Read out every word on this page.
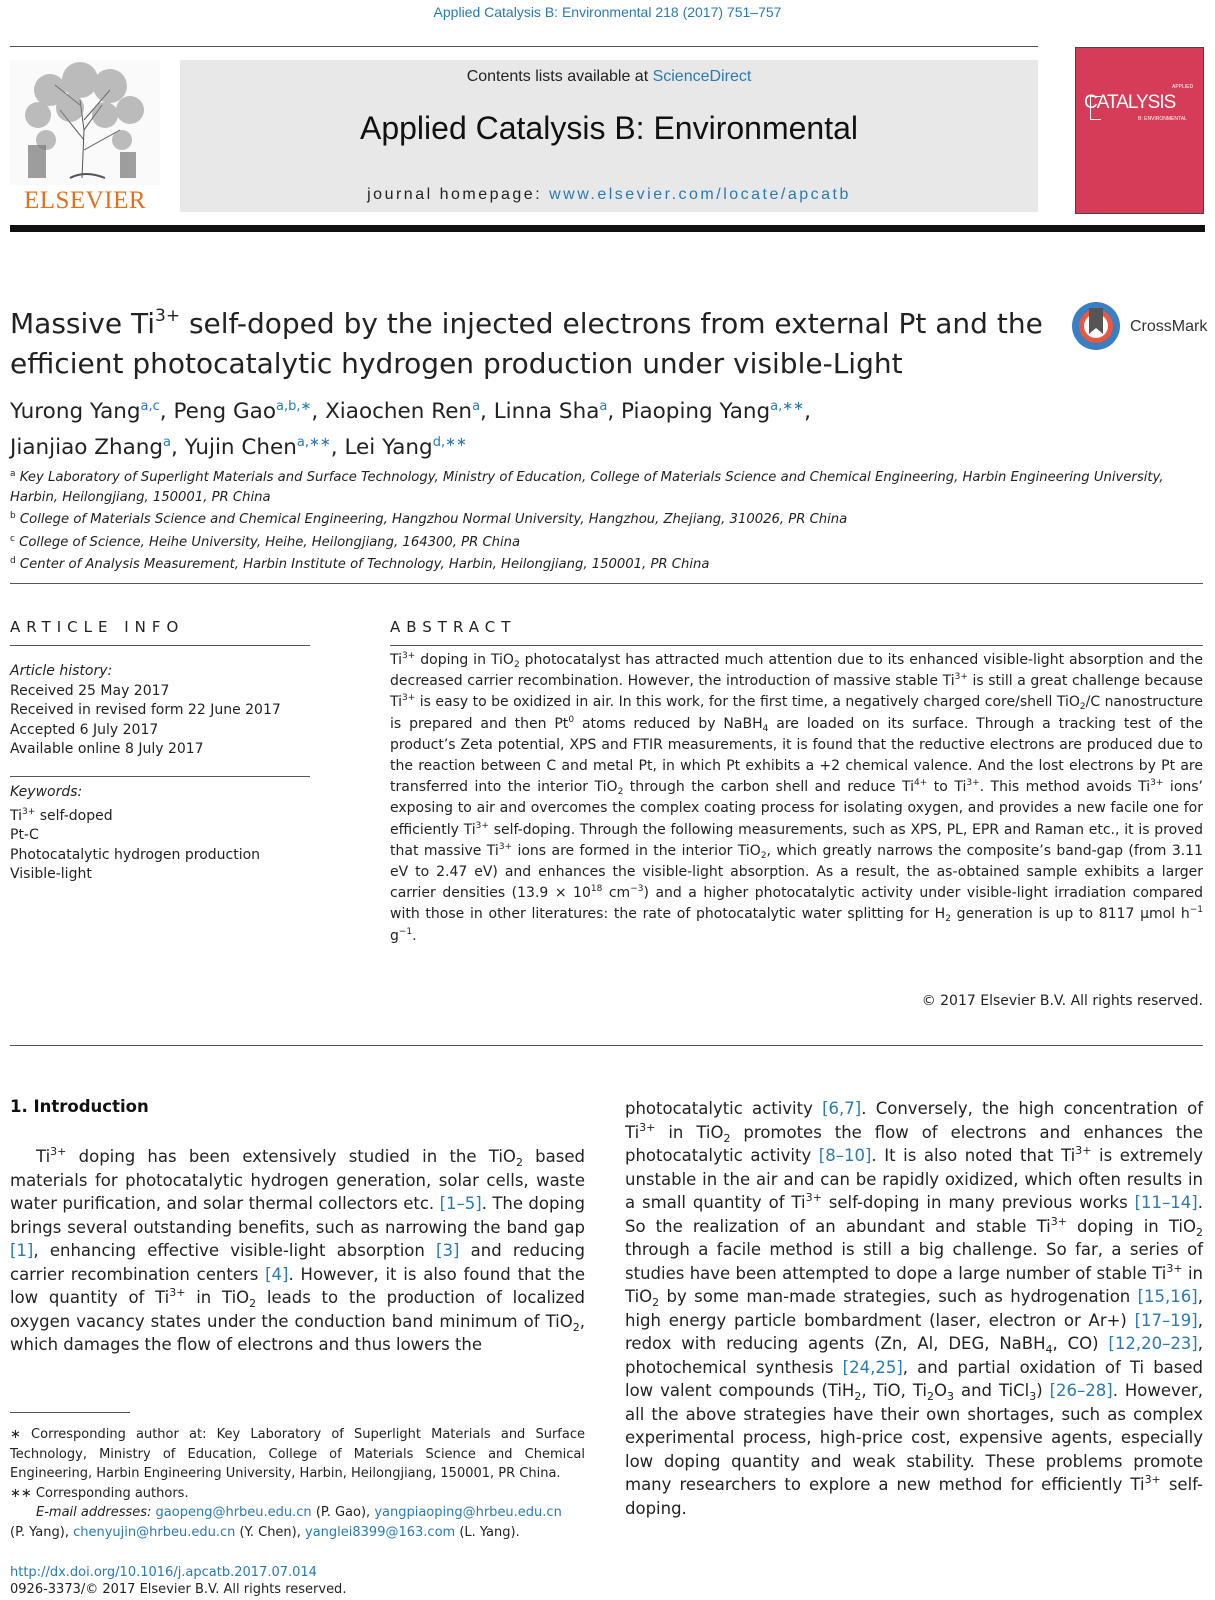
Applied Catalysis B: Environmental 218 (2017) 751–757
ELSEVIER
Contents lists available at ScienceDirect
Applied Catalysis B: Environmental
journal homepage: www.elsevier.com/locate/apcatb
APPLIED
CATALYSIS
B: ENVIRONMENTAL
Massive $Ti^{3+}$ self-doped by the injected electrons from external Pt and the efficient photocatalytic hydrogen production under visible-Light
CrossMark
Yurong Yang$^{a,c}$, Peng Gao$^{a,b,∗}$, Xiaochen Ren$^a$, Linna Sha$^a$, Piaoping Yang$^{a,∗∗}$,
Jianjiao Zhang$^a$, Yujin Chen$^{a,∗∗}$, Lei Yang$^{d,∗∗}$
$^a$ Key Laboratory of Superlight Materials and Surface Technology, Ministry of Education, College of Materials Science and Chemical Engineering, Harbin Engineering University, Harbin, Heilongjiang, 150001, PR China
$^b$ College of Materials Science and Chemical Engineering, Hangzhou Normal University, Hangzhou, Zhejiang, 310026, PR China
$^c$ College of Science, Heihe University, Heihe, Heilongjiang, 164300, PR China
$^d$ Center of Analysis Measurement, Harbin Institute of Technology, Harbin, Heilongjiang, 150001, PR China
ARTICLE INFO
Article history:
Received 25 May 2017
Received in revised form 22 June 2017
Accepted 6 July 2017
Available online 8 July 2017
Keywords:
$Ti^{3+}$ self-doped
Pt-C
Photocatalytic hydrogen production
Visible-light
ABSTRACT
$Ti^{3+}$ doping in TiO$_2$ photocatalyst has attracted much attention due to its enhanced visible-light absorption and the decreased carrier recombination. However, the introduction of massive stable $Ti^{3+}$ is still a great challenge because $Ti^{3+}$ is easy to be oxidized in air. In this work, for the first time, a negatively charged core/shell TiO$_2$/C nanostructure is prepared and then Pt$^0$ atoms reduced by NaBH$_4$ are loaded on its surface. Through a tracking test of the product’s Zeta potential, XPS and FTIR measurements, it is found that the reductive electrons are produced due to the reaction between C and metal Pt, in which Pt exhibits a +2 chemical valence. And the lost electrons by Pt are transferred into the interior TiO$_2$ through the carbon shell and reduce $Ti^{4+}$ to $Ti^{3+}$. This method avoids $Ti^{3+}$ ions’ exposing to air and overcomes the complex coating process for isolating oxygen, and provides a new facile one for efficiently $Ti^{3+}$ self-doping. Through the following measurements, such as XPS, PL, EPR and Raman etc., it is proved that massive $Ti^{3+}$ ions are formed in the interior TiO$_2$, which greatly narrows the composite’s band-gap (from 3.11 eV to 2.47 eV) and enhances the visible-light absorption. As a result, the as-obtained sample exhibits a larger carrier densities ($13.9 \times 10^{18}$ $cm^{-3}$) and a higher photocatalytic activity under visible-light irradiation compared with those in other literatures: the rate of photocatalytic water splitting for $H_2$ generation is up to 8117 μmol $h^{-1}$ $g^{-1}$.
© 2017 Elsevier B.V. All rights reserved.
1. Introduction
$Ti^{3+}$ doping has been extensively studied in the TiO$_2$ based materials for photocatalytic hydrogen generation, solar cells, waste water purification, and solar thermal collectors etc. [1–5]. The doping brings several outstanding benefits, such as narrowing the band gap [1], enhancing effective visible-light absorption [3] and reducing carrier recombination centers [4]. However, it is also found that the low quantity of $Ti^{3+}$ in TiO$_2$ leads to the production of localized oxygen vacancy states under the conduction band minimum of TiO$_2$, which damages the flow of electrons and thus lowers the
photocatalytic activity [6,7]. Conversely, the high concentration of $Ti^{3+}$ in TiO$_2$ promotes the flow of electrons and enhances the photocatalytic activity [8–10]. It is also noted that $Ti^{3+}$ is extremely unstable in the air and can be rapidly oxidized, which often results in a small quantity of $Ti^{3+}$ self-doping in many previous works [11–14]. So the realization of an abundant and stable $Ti^{3+}$ doping in TiO$_2$ through a facile method is still a big challenge. So far, a series of studies have been attempted to dope a large number of stable $Ti^{3+}$ in TiO$_2$ by some man-made strategies, such as hydrogenation [15,16], high energy particle bombardment (laser, electron or Ar+) [17–19], redox with reducing agents (Zn, Al, DEG, NaBH$_4$, CO) [12,20–23], photochemical synthesis [24,25], and partial oxidation of Ti based low valent compounds (TiH$_2$, TiO, $Ti_2O_3$ and TiCl$_3$) [26–28]. However, all the above strategies have their own shortages, such as complex experimental process, high-price cost, expensive agents, especially low doping quantity and weak stability. These problems promote many researchers to explore a new method for efficiently $Ti^{3+}$ self-doping.
∗ Corresponding author at: Key Laboratory of Superlight Materials and Surface Technology, Ministry of Education, College of Materials Science and Chemical Engineering, Harbin Engineering University, Harbin, Heilongjiang, 150001, PR China.
∗∗ Corresponding authors.
E-mail addresses: gaopeng@hrbeu.edu.cn (P. Gao), yangpiaoping@hrbeu.edu.cn
(P. Yang), chenyujin@hrbeu.edu.cn (Y. Chen), yanglei8399@163.com (L. Yang).
http://dx.doi.org/10.1016/j.apcatb.2017.07.014
0926-3373/© 2017 Elsevier B.V. All rights reserved.
